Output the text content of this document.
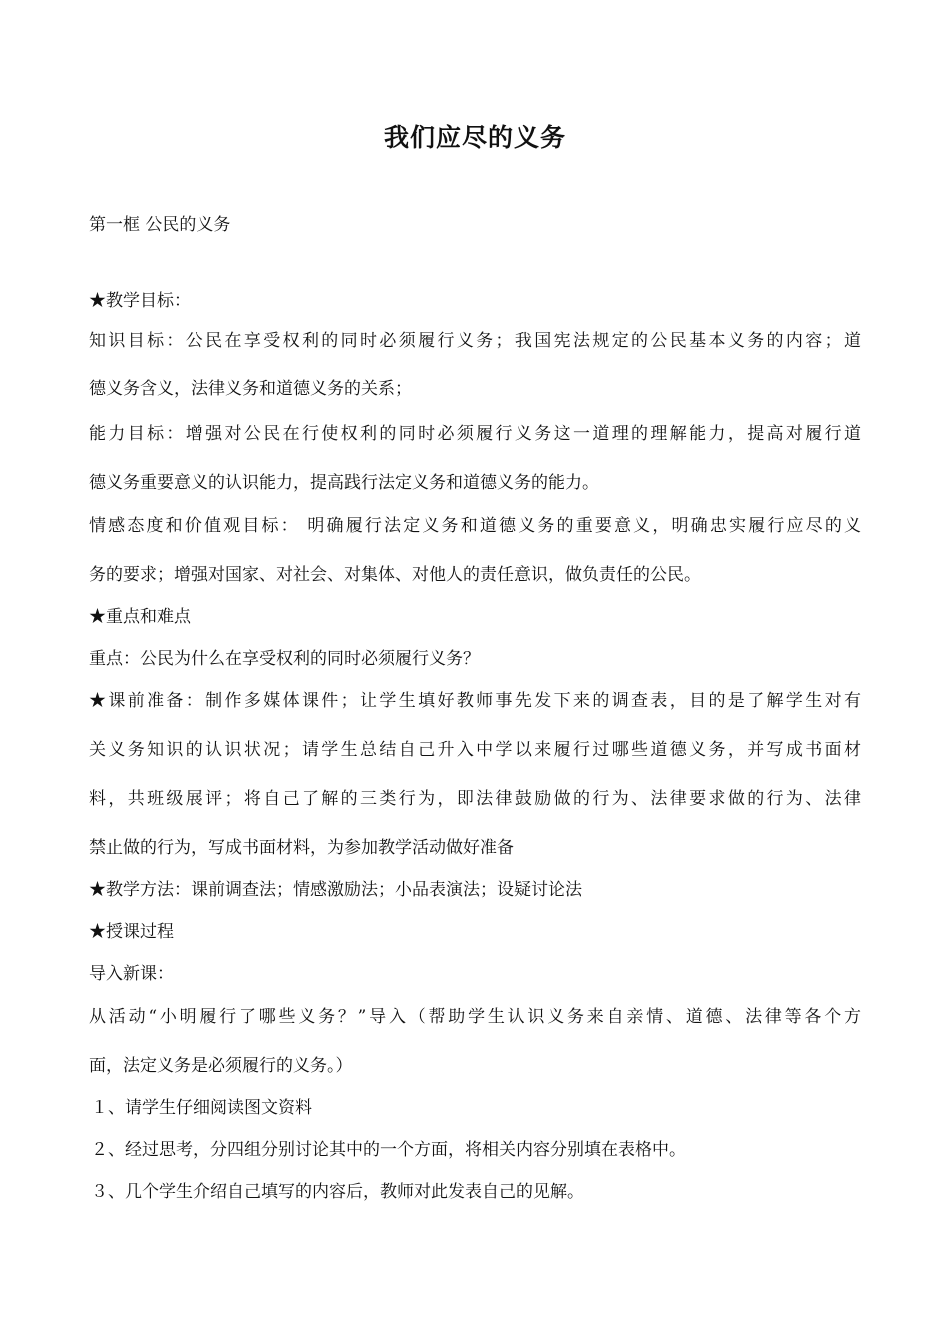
我们应尽的义务
第一框 公民的义务
★教学目标：
知识目标：公民在享受权利的同时必须履行义务；我国宪法规定的公民基本义务的内容；道
德义务含义，法律义务和道德义务的关系；
能力目标：增强对公民在行使权利的同时必须履行义务这一道理的理解能力，提高对履行道
德义务重要意义的认识能力，提高践行法定义务和道德义务的能力。
情感态度和价值观目标： 明确履行法定义务和道德义务的重要意义，明确忠实履行应尽的义
务的要求；增强对国家、对社会、对集体、对他人的责任意识，做负责任的公民。
★重点和难点
重点：公民为什么在享受权利的同时必须履行义务？
★课前准备：制作多媒体课件；让学生填好教师事先发下来的调查表，目的是了解学生对有
关义务知识的认识状况；请学生总结自己升入中学以来履行过哪些道德义务，并写成书面材
料，共班级展评；将自己了解的三类行为，即法律鼓励做的行为、法律要求做的行为、法律
禁止做的行为，写成书面材料，为参加教学活动做好准备
★教学方法：课前调查法；情感激励法；小品表演法；设疑讨论法
★授课过程
导入新课：
从活动“小明履行了哪些义务？”导入（帮助学生认识义务来自亲情、道德、法律等各个方
面，法定义务是必须履行的义务。）
１、请学生仔细阅读图文资料
２、经过思考，分四组分别讨论其中的一个方面，将相关内容分别填在表格中。
３、几个学生介绍自己填写的内容后，教师对此发表自己的见解。
